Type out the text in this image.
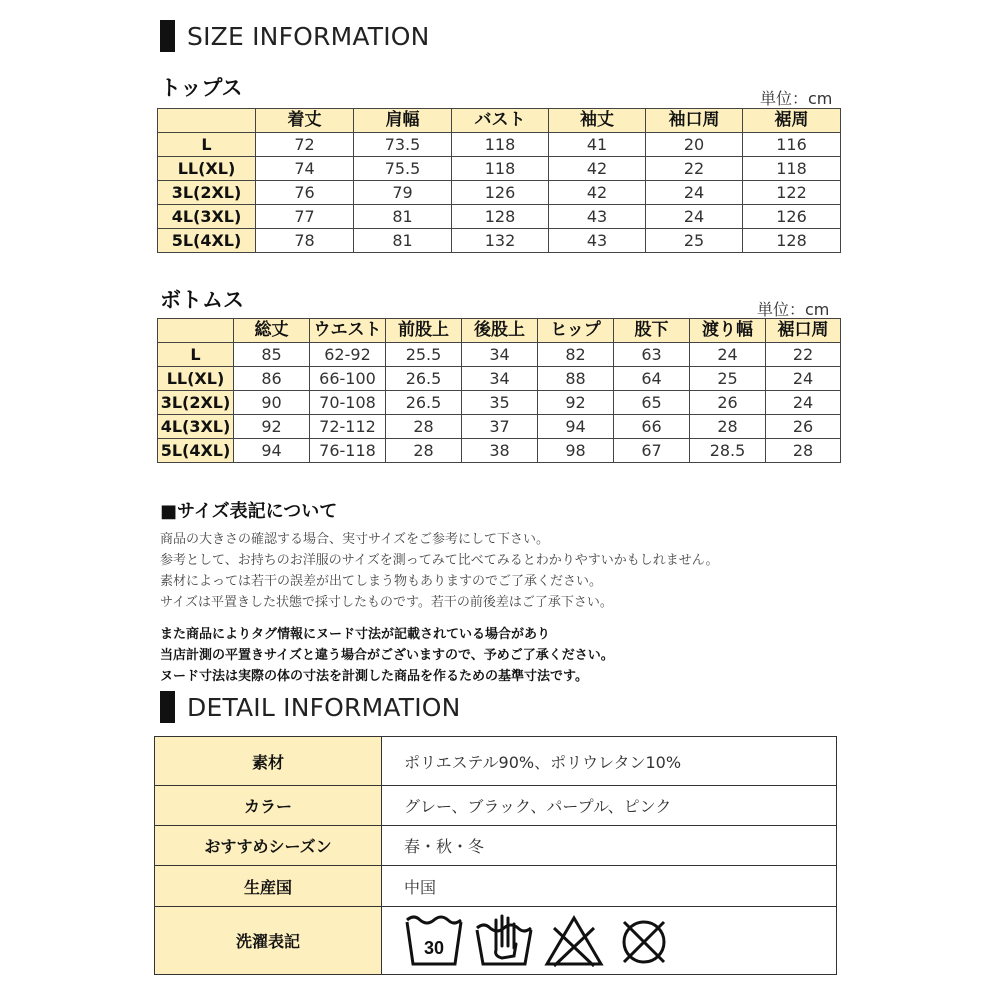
SIZE INFORMATION
トップス	単位：cm
	着丈	肩幅	バスト	袖丈	袖口周	裾周
L	72	73.5	118	41	20	116
LL(XL)	74	75.5	118	42	22	118
3L(2XL)	76	79	126	42	24	122
4L(3XL)	77	81	128	43	24	126
5L(4XL)	78	81	132	43	25	128
ボトムス	単位：cm
	総丈	ウエスト	前股上	後股上	ヒップ	股下	渡り幅	裾口周
L	85	62-92	25.5	34	82	63	24	22
LL(XL)	86	66-100	26.5	34	88	64	25	24
3L(2XL)	90	70-108	26.5	35	92	65	26	24
4L(3XL)	92	72-112	28	37	94	66	28	26
5L(4XL)	94	76-118	28	38	98	67	28.5	28
■サイズ表記について
商品の大きさの確認する場合、実寸サイズをご参考にして下さい。
参考として、お持ちのお洋服のサイズを測ってみて比べてみるとわかりやすいかもしれません。
素材によっては若干の誤差が出てしまう物もありますのでご了承ください。
サイズは平置きした状態で採寸したものです。若干の前後差はご了承下さい。
また商品によりタグ情報にヌード寸法が記載されている場合があり
当店計測の平置きサイズと違う場合がございますので、予めご了承ください。
ヌード寸法は実際の体の寸法を計測した商品を作るための基準寸法です。
DETAIL INFORMATION
素材	ポリエステル90%、ポリウレタン10%
カラー	グレー、ブラック、パープル、ピンク
おすすめシーズン	春・秋・冬
生産国	中国
洗濯表記	30
